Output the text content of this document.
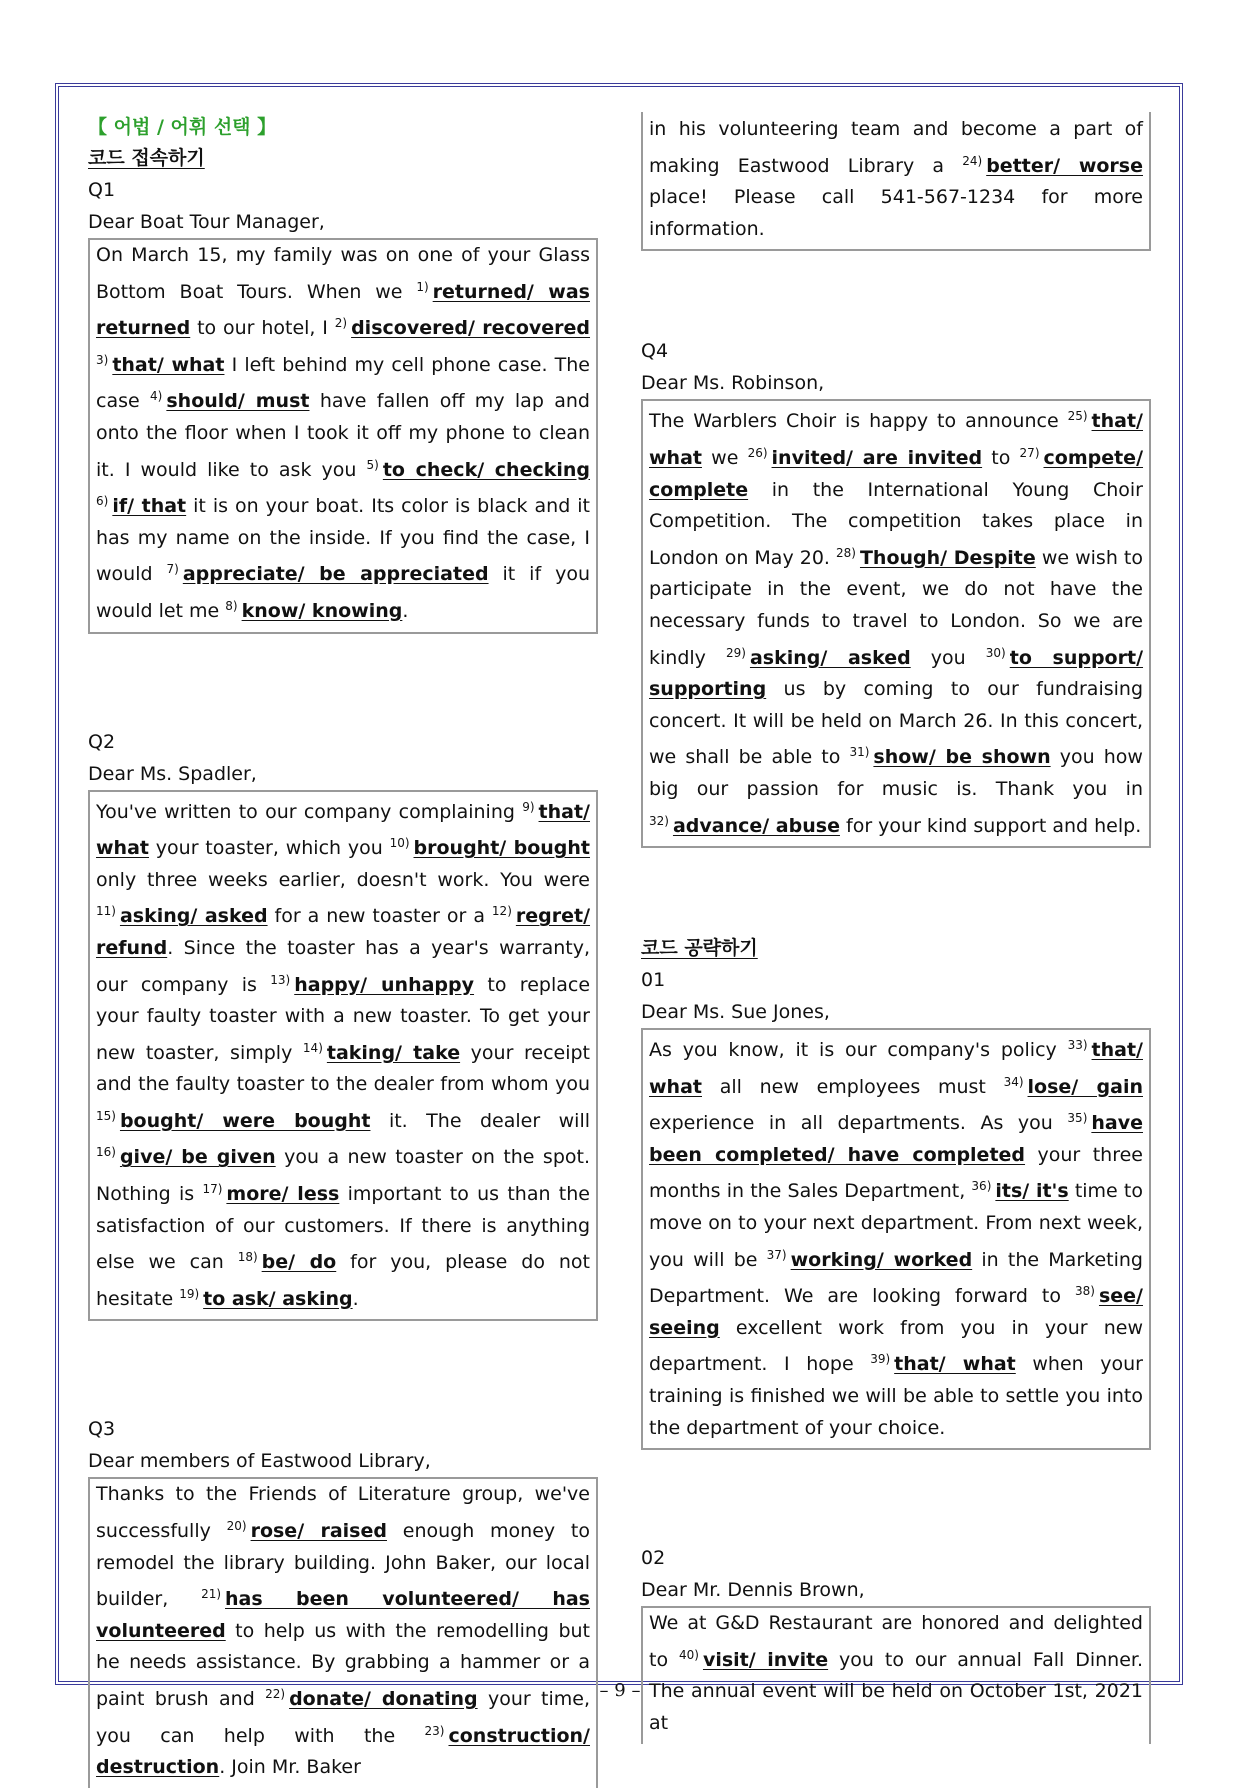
【 어법 / 어휘 선택 】
코드 접속하기
Q1
Dear Boat Tour Manager,

On March 15, my family was on one of your Glass Bottom Boat Tours. When we $^{1)}$ returned/ was returned to our hotel, I $^{2)}$ discovered/ recovered $^{3)}$ that/ what I left behind my cell phone case. The case $^{4)}$ should/ must have fallen off my lap and onto the floor when I took it off my phone to clean it. I would like to ask you $^{5)}$ to check/ checking $^{6)}$ if/ that it is on your boat. Its color is black and it has my name on the inside. If you find the case, I would $^{7)}$ appreciate/ be appreciated it if you would let me $^{8)}$ know/ knowing.

Q2
Dear Ms. Spadler,

You've written to our company complaining $^{9)}$ that/ what your toaster, which you $^{10)}$ brought/ bought only three weeks earlier, doesn't work. You were $^{11)}$ asking/ asked for a new toaster or a $^{12)}$ regret/ refund. Since the toaster has a year's warranty, our company is $^{13)}$ happy/ unhappy to replace your faulty toaster with a new toaster. To get your new toaster, simply $^{14)}$ taking/ take your receipt and the faulty toaster to the dealer from whom you $^{15)}$ bought/ were bought it. The dealer will $^{16)}$ give/ be given you a new toaster on the spot. Nothing is $^{17)}$ more/ less important to us than the satisfaction of our customers. If there is anything else we can $^{18)}$ be/ do for you, please do not hesitate $^{19)}$ to ask/ asking.

Q3
Dear members of Eastwood Library,

Thanks to the Friends of Literature group, we've successfully $^{20)}$ rose/ raised enough money to remodel the library building. John Baker, our local builder, $^{21)}$ has been volunteered/ has volunteered to help us with the remodelling but he needs assistance. By grabbing a hammer or a paint brush and $^{22)}$ donate/ donating your time, you can help with the $^{23)}$ construction/ destruction. Join Mr. Baker

in his volunteering team and become a part of making Eastwood Library a $^{24)}$ better/ worse place! Please call 541-567-1234 for more information.

Q4
Dear Ms. Robinson,

The Warblers Choir is happy to announce $^{25)}$ that/ what we $^{26)}$ invited/ are invited to $^{27)}$ compete/ complete in the International Young Choir Competition. The competition takes place in London on May 20. $^{28)}$ Though/ Despite we wish to participate in the event, we do not have the necessary funds to travel to London. So we are kindly $^{29)}$ asking/ asked you $^{30)}$ to support/ supporting us by coming to our fundraising concert. It will be held on March 26. In this concert, we shall be able to $^{31)}$ show/ be shown you how big our passion for music is. Thank you in $^{32)}$ advance/ abuse for your kind support and help.

코드 공략하기
01
Dear Ms. Sue Jones,

As you know, it is our company's policy $^{33)}$ that/ what all new employees must $^{34)}$ lose/ gain experience in all departments. As you $^{35)}$ have been completed/ have completed your three months in the Sales Department, $^{36)}$ its/ it's time to move on to your next department. From next week, you will be $^{37)}$ working/ worked in the Marketing Department. We are looking forward to $^{38)}$ see/ seeing excellent work from you in your new department. I hope $^{39)}$ that/ what when your training is finished we will be able to settle you into the department of your choice.

02
Dear Mr. Dennis Brown,

We at G&D Restaurant are honored and delighted to $^{40)}$ visit/ invite you to our annual Fall Dinner. The annual event will be held on October 1st, 2021 at

– 9 –
